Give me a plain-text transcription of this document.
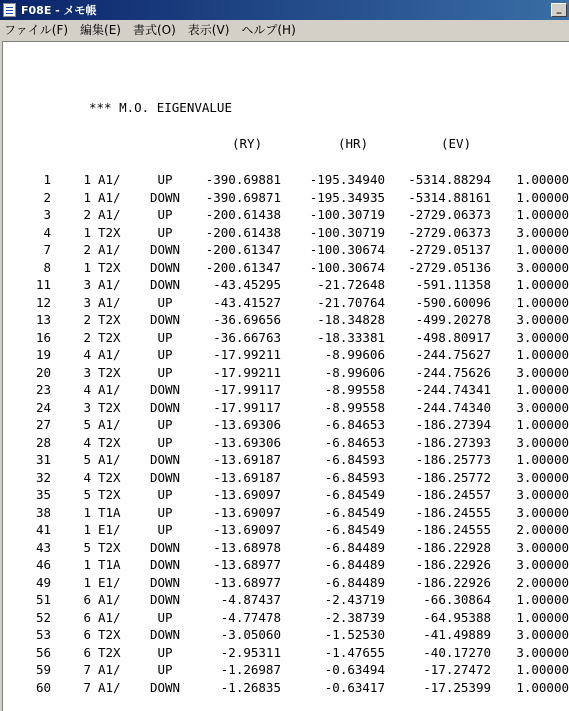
F08E - メモ帳	_
ファイル(F) 編集(E) 書式(O) 表示(V) ヘルプ(H)
*** M.O. EIGENVALUE
(RY)	(HR)	(EV)
1	1 A1/	UP	-390.69881	-195.34940	-5314.88294	1.00000
2	1 A1/	DOWN	-390.69871	-195.34935	-5314.88161	1.00000
3	2 A1/	UP	-200.61438	-100.30719	-2729.06373	1.00000
4	1 T2X	UP	-200.61438	-100.30719	-2729.06373	3.00000
7	2 A1/	DOWN	-200.61347	-100.30674	-2729.05137	1.00000
8	1 T2X	DOWN	-200.61347	-100.30674	-2729.05136	3.00000
11	3 A1/	DOWN	-43.45295	-21.72648	-591.11358	1.00000
12	3 A1/	UP	-43.41527	-21.70764	-590.60096	1.00000
13	2 T2X	DOWN	-36.69656	-18.34828	-499.20278	3.00000
16	2 T2X	UP	-36.66763	-18.33381	-498.80917	3.00000
19	4 A1/	UP	-17.99211	-8.99606	-244.75627	1.00000
20	3 T2X	UP	-17.99211	-8.99606	-244.75626	3.00000
23	4 A1/	DOWN	-17.99117	-8.99558	-244.74341	1.00000
24	3 T2X	DOWN	-17.99117	-8.99558	-244.74340	3.00000
27	5 A1/	UP	-13.69306	-6.84653	-186.27394	1.00000
28	4 T2X	UP	-13.69306	-6.84653	-186.27393	3.00000
31	5 A1/	DOWN	-13.69187	-6.84593	-186.25773	1.00000
32	4 T2X	DOWN	-13.69187	-6.84593	-186.25772	3.00000
35	5 T2X	UP	-13.69097	-6.84549	-186.24557	3.00000
38	1 T1A	UP	-13.69097	-6.84549	-186.24555	3.00000
41	1 E1/	UP	-13.69097	-6.84549	-186.24555	2.00000
43	5 T2X	DOWN	-13.68978	-6.84489	-186.22928	3.00000
46	1 T1A	DOWN	-13.68977	-6.84489	-186.22926	3.00000
49	1 E1/	DOWN	-13.68977	-6.84489	-186.22926	2.00000
51	6 A1/	DOWN	-4.87437	-2.43719	-66.30864	1.00000
52	6 A1/	UP	-4.77478	-2.38739	-64.95388	1.00000
53	6 T2X	DOWN	-3.05060	-1.52530	-41.49889	3.00000
56	6 T2X	UP	-2.95311	-1.47655	-40.17270	3.00000
59	7 A1/	UP	-1.26987	-0.63494	-17.27472	1.00000
60	7 A1/	DOWN	-1.26835	-0.63417	-17.25399	1.00000
